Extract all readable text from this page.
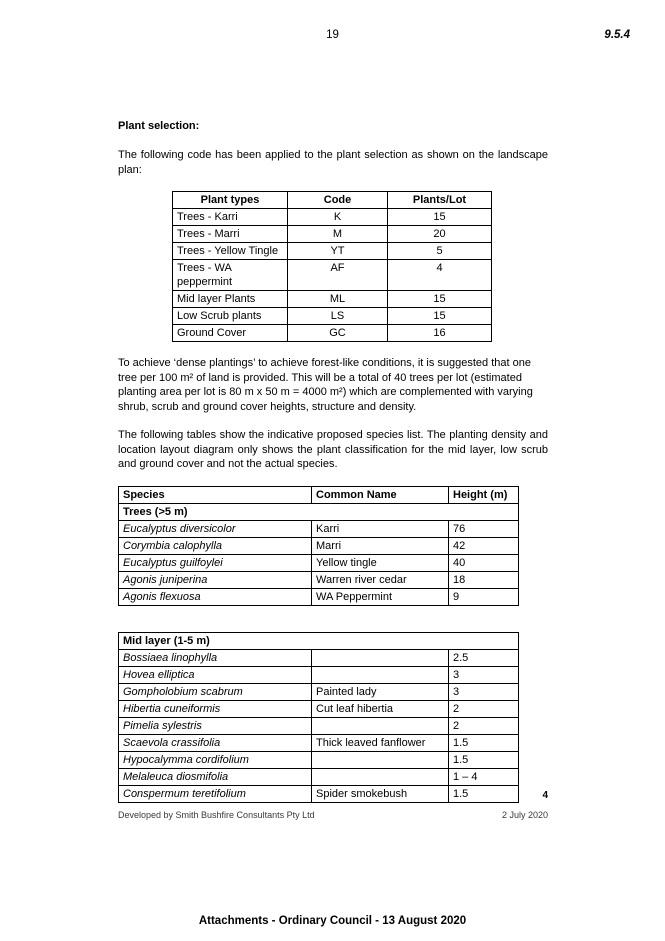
19	9.5.4
Plant selection:

The following code has been applied to the plant selection as shown on the landscape plan:

Plant types	Code	Plants/Lot
Trees - Karri	K	15
Trees - Marri	M	20
Trees - Yellow Tingle	YT	5
Trees - WA peppermint	AF	4
Mid layer Plants	ML	15
Low Scrub plants	LS	15
Ground Cover	GC	16

To achieve ‘dense plantings’ to achieve forest-like conditions, it is suggested that one tree per 100 m² of land is provided. This will be a total of 40 trees per lot (estimated planting area per lot is 80 m x 50 m = 4000 m²) which are complemented with varying shrub, scrub and ground cover heights, structure and density.

The following tables show the indicative proposed species list. The planting density and location layout diagram only shows the plant classification for the mid layer, low scrub and ground cover and not the actual species.

Species	Common Name	Height (m)
Trees (>5 m)		
Eucalyptus diversicolor	Karri	76
Corymbia calophylla	Marri	42
Eucalyptus guilfoylei	Yellow tingle	40
Agonis juniperina	Warren river cedar	18
Agonis flexuosa	WA Peppermint	9
Mid layer (1-5 m)		
Bossiaea linophylla		2.5
Hovea elliptica		3
Gompholobium scabrum	Painted lady	3
Hibertia cuneiformis	Cut leaf hibertia	2
Pimelia sylestris		2
Scaevola crassifolia	Thick leaved fanflower	1.5
Hypocalymma cordifolium		1.5
Melaleuca diosmifolia		1 – 4
Conspermum teretifolium	Spider smokebush	1.5	4
Developed by Smith Bushfire Consultants Pty Ltd	2 July 2020
Attachments - Ordinary Council - 13 August 2020
